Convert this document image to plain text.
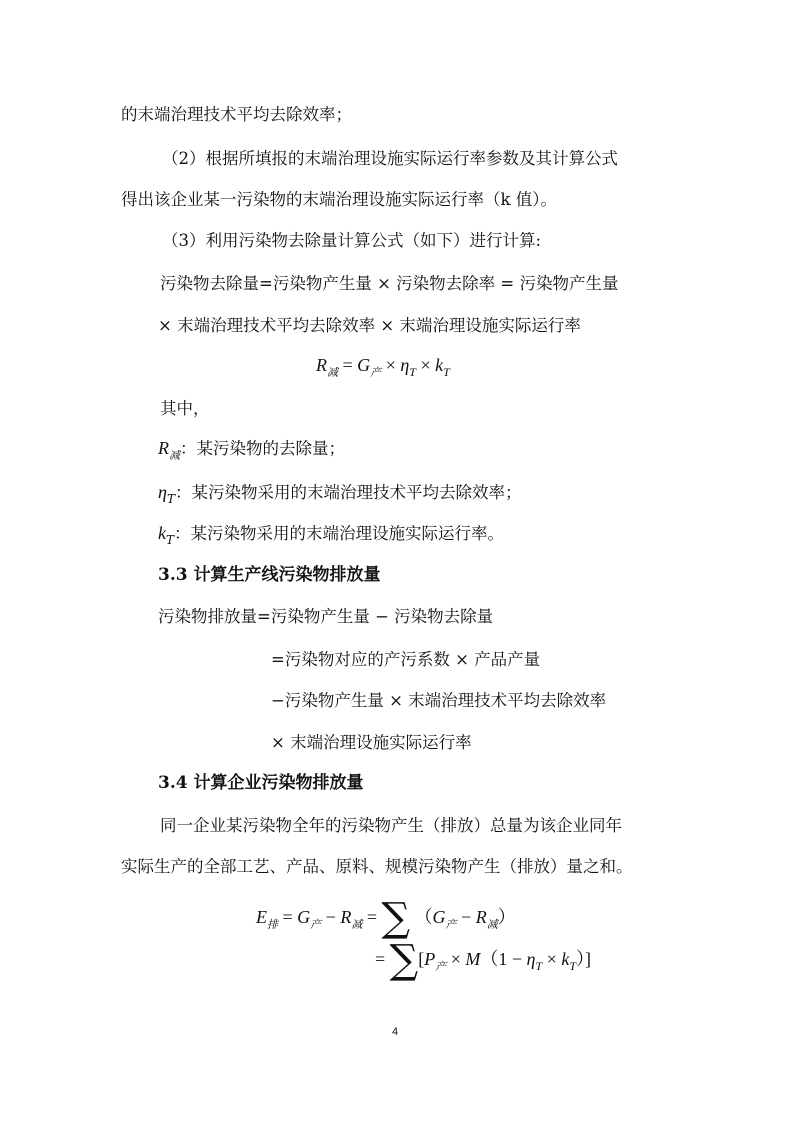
的末端治理技术平均去除效率；
（2）根据所填报的末端治理设施实际运行率参数及其计算公式
得出该企业某一污染物的末端治理设施实际运行率（k 值）。
（3）利用污染物去除量计算公式（如下）进行计算:
污染物去除量=污染物产生量 × 污染物去除率 = 污染物产生量
× 末端治理技术平均去除效率 × 末端治理设施实际运行率
$R_减 = G_产 \times \eta_T \times k_T$
其中，
$R_减$：某污染物的去除量；
$\eta_T$：某污染物采用的末端治理技术平均去除效率；
$k_T$：某污染物采用的末端治理设施实际运行率。
3.3 计算生产线污染物排放量
污染物排放量=污染物产生量 − 污染物去除量
=污染物对应的产污系数 × 产品产量
−污染物产生量 × 末端治理技术平均去除效率
× 末端治理设施实际运行率
3.4 计算企业污染物排放量
同一企业某污染物全年的污染物产生（排放）总量为该企业同年
实际生产的全部工艺、产品、原料、规模污染物产生（排放）量之和。
$E_排 = G_产 - R_减$ = ∑ $(G_产 - R_减)$
= $\sum[P_产 \times M(1 - \eta_T \times k_T)]$
4
